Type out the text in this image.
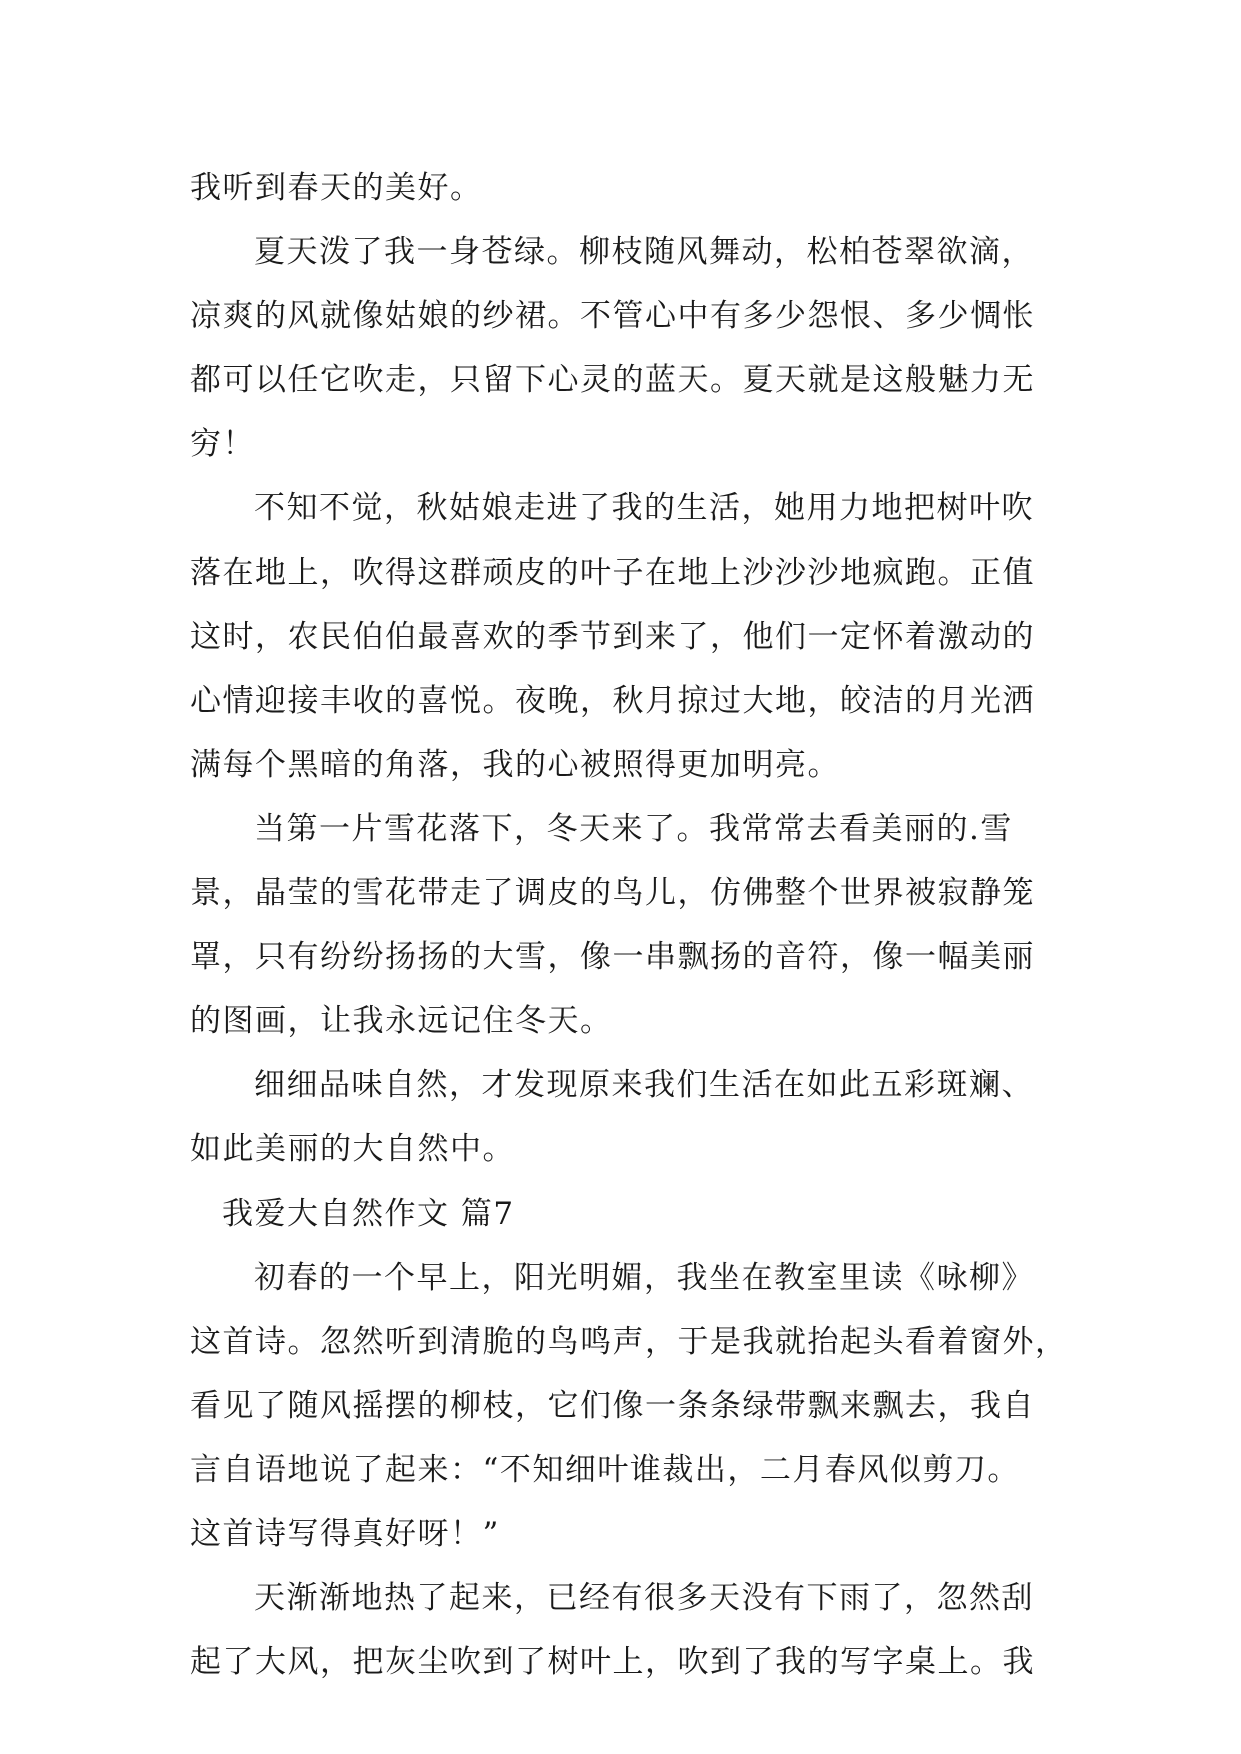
我听到春天的美好。
夏天泼了我一身苍绿。柳枝随风舞动，松柏苍翠欲滴，
凉爽的风就像姑娘的纱裙。不管心中有多少怨恨、多少惆怅
都可以任它吹走，只留下心灵的蓝天。夏天就是这般魅力无
穷！
不知不觉，秋姑娘走进了我的生活，她用力地把树叶吹
落在地上，吹得这群顽皮的叶子在地上沙沙沙地疯跑。正值
这时，农民伯伯最喜欢的季节到来了，他们一定怀着激动的
心情迎接丰收的喜悦。夜晚，秋月掠过大地，皎洁的月光洒
满每个黑暗的角落，我的心被照得更加明亮。
当第一片雪花落下，冬天来了。我常常去看美丽的.雪
景，晶莹的雪花带走了调皮的鸟儿，仿佛整个世界被寂静笼
罩，只有纷纷扬扬的大雪，像一串飘扬的音符，像一幅美丽
的图画，让我永远记住冬天。
细细品味自然，才发现原来我们生活在如此五彩斑斓、
如此美丽的大自然中。
我爱大自然作文 篇7
初春的一个早上，阳光明媚，我坐在教室里读《咏柳》
这首诗。忽然听到清脆的鸟鸣声，于是我就抬起头看着窗外，
看见了随风摇摆的柳枝，它们像一条条绿带飘来飘去，我自
言自语地说了起来：“不知细叶谁裁出，二月春风似剪刀。
这首诗写得真好呀！”
天渐渐地热了起来，已经有很多天没有下雨了，忽然刮
起了大风，把灰尘吹到了树叶上，吹到了我的写字桌上。我
